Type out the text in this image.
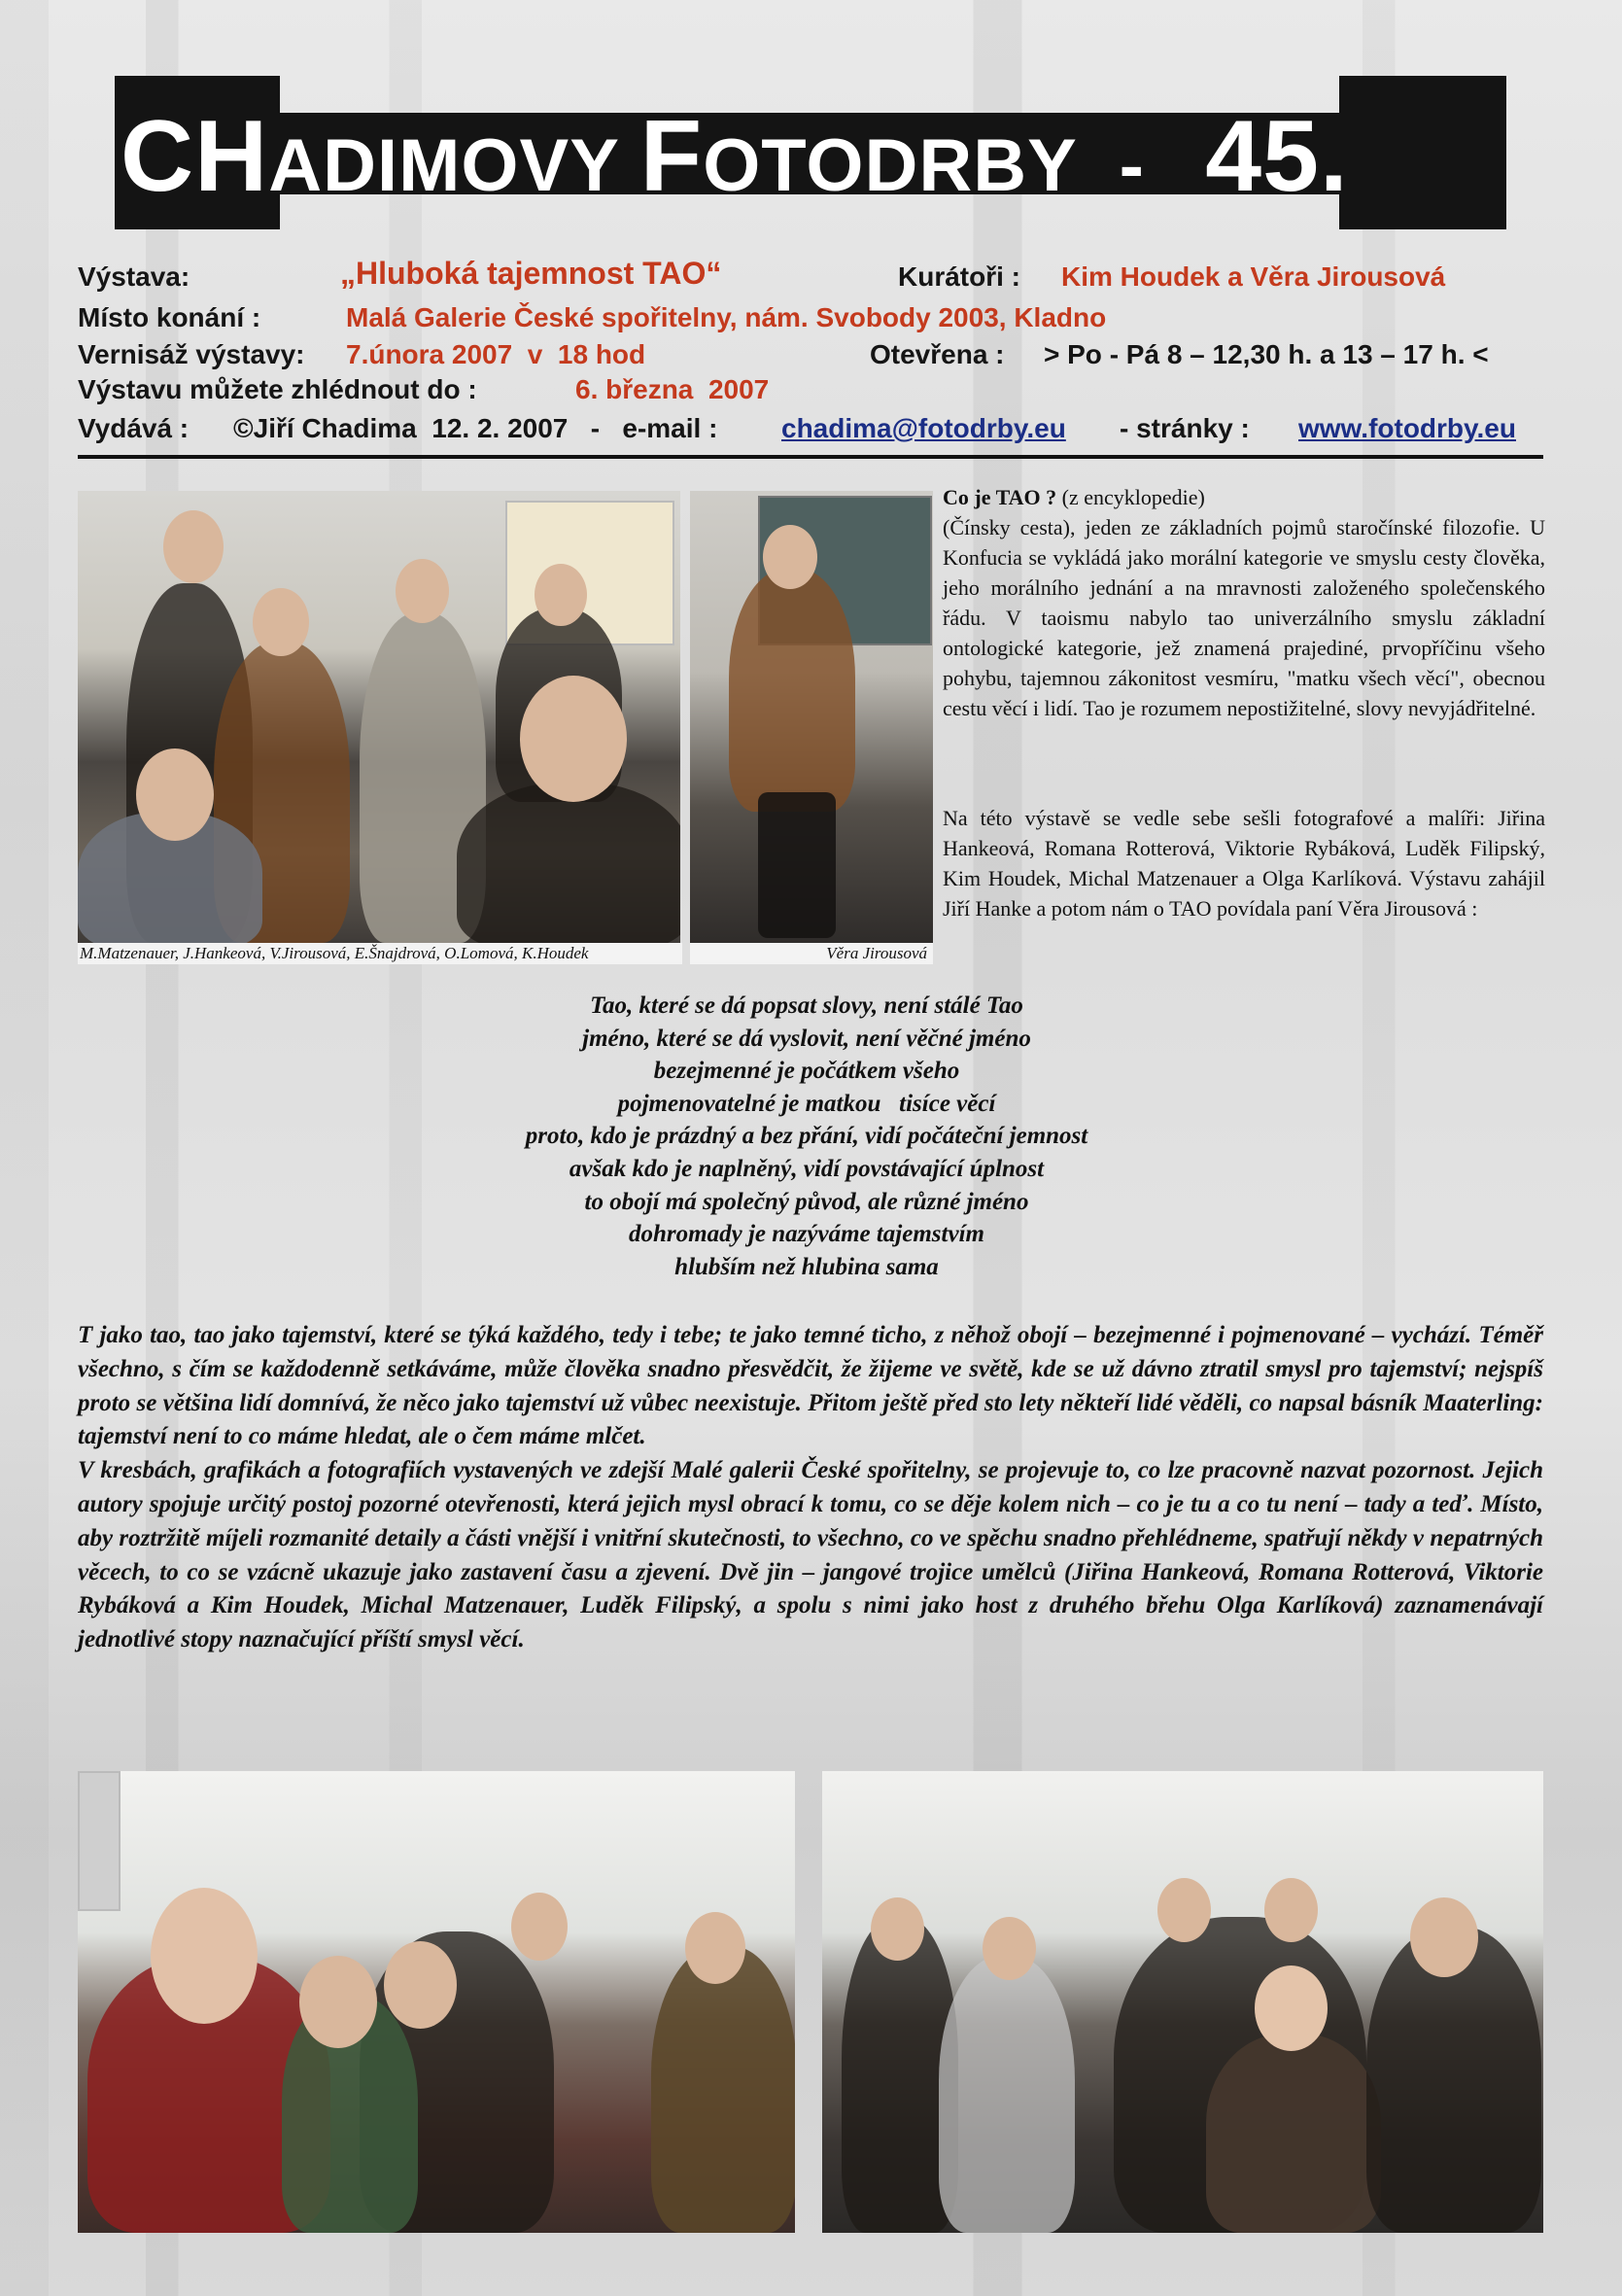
CHADIMOVY FOTODRBY  -  45.
Výstava:	„Hluboká tajemnost TAO“	Kurátoři : Kim Houdek a Věra Jirousová
Místo konání :	Malá Galerie České spořitelny, nám. Svobody 2003, Kladno
Vernisáž výstavy: 7.února 2007  v  18 hod	Otevřena : > Po - Pá 8 – 12,30 h. a 13 – 17 h. <
Výstavu můžete zhlédnout do :	6. března  2007
Vydává : ©Jiří Chadima  12. 2. 2007   -   e-mail : chadima@fotodrby.eu - stránky : www.fotodrby.eu
M.Matzenauer, J.Hankeová, V.Jirousová, E.Šnajdrová, O.Lomová, K.Houdek	Věra Jirousová

Co je TAO ? (z encyklopedie)

(Čínsky cesta), jeden ze základních pojmů staročínské filozofie. U Konfucia se vykládá jako morální kategorie ve smyslu cesty člověka, jeho morálního jednání a na mravnosti založeného společenského řádu. V taoismu nabylo tao univerzálního smyslu základní ontologické kategorie, jež znamená prajediné, prvopříčinu všeho pohybu, tajemnou zákonitost vesmíru, "matku všech věcí", obecnou cestu věcí i lidí. Tao je rozumem nepostižitelné, slovy nevyjádřitelné.

Na této výstavě se vedle sebe sešli fotografové a malíři: Jiřina Hankeová, Romana Rotterová, Viktorie Rybáková, Luděk Filipský, Kim Houdek, Michal Matzenauer a Olga Karlíková. Výstavu zahájil Jiří Hanke a potom nám o TAO povídala paní Věra Jirousová :

Tao, které se dá popsat slovy, není stálé Tao
jméno, které se dá vyslovit, není věčné jméno
bezejmenné je počátkem všeho
pojmenovatelné je matkou   tisíce věcí
proto, kdo je prázdný a bez přání, vidí počáteční jemnost
avšak kdo je naplněný, vidí povstávající úplnost
to obojí má společný původ, ale různé jméno
dohromady je nazýváme tajemstvím
hlubším než hlubina sama

T jako tao, tao jako tajemství, které se týká každého, tedy i tebe; te jako temné ticho, z něhož obojí – bezejmenné i pojmenované – vychází. Téměř všechno, s čím se každodenně setkáváme, může člověka snadno přesvědčit, že žijeme ve světě, kde se už dávno ztratil smysl pro tajemství; nejspíš proto se většina lidí domnívá, že něco jako tajemství už vůbec neexistuje. Přitom ještě před sto lety někteří lidé věděli, co napsal básník Maaterling: tajemství není to co máme hledat, ale o čem máme mlčet.

V kresbách, grafikách a fotografiích vystavených ve zdejší Malé galerii České spořitelny, se projevuje to, co lze pracovně nazvat pozornost. Jejich autory spojuje určitý postoj pozorné otevřenosti, která jejich mysl obrací k tomu, co se děje kolem nich – co je tu a co tu není – tady a teď. Místo, aby roztržitě míjeli rozmanité detaily a části vnější i vnitřní skutečnosti, to všechno, co ve spěchu snadno přehlédneme, spatřují někdy v nepatrných věcech, to co se vzácně ukazuje jako zastavení času a zjevení. Dvě jin – jangové trojice umělců (Jiřina Hankeová, Romana Rotterová, Viktorie Rybáková a Kim Houdek, Michal Matzenauer, Luděk Filipský, a spolu s nimi jako host z druhého břehu Olga Karlíková) zaznamenávají jednotlivé stopy naznačující příští smysl věcí.
